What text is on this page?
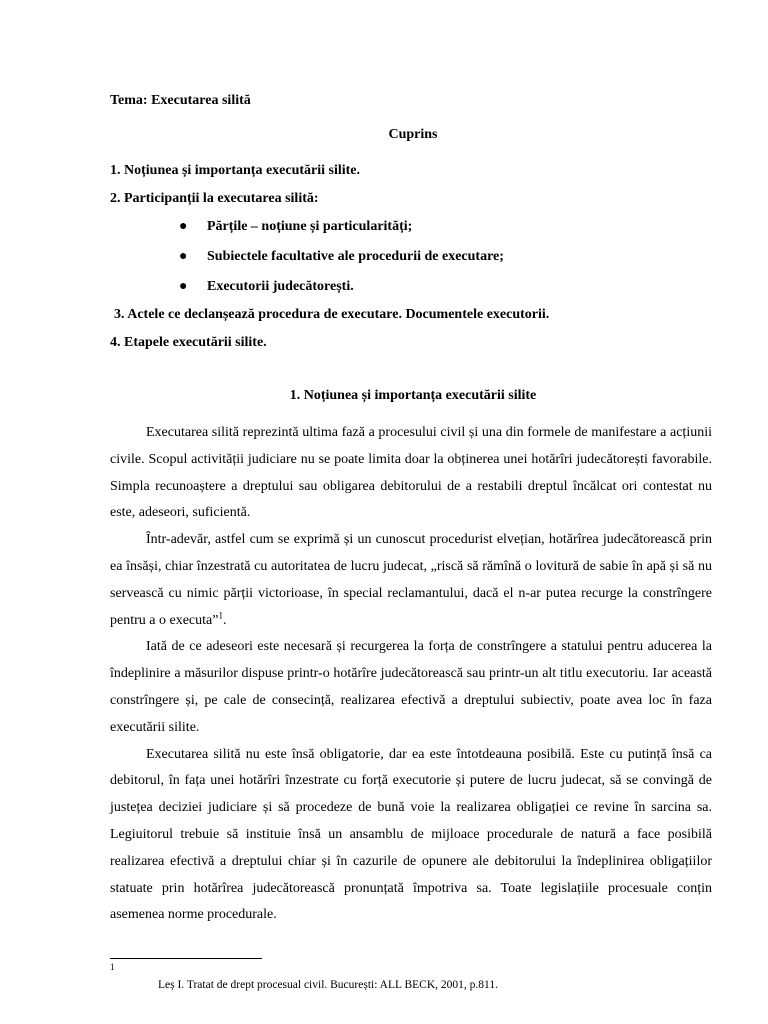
Tema: Executarea silită
Cuprins
1. Noțiunea și importanța executării silite.
2. Participanții la executarea silită:
● Părțile – noțiune și particularități;
● Subiectele facultative ale procedurii de executare;
● Executorii judecătorești.
3. Actele ce declanșează procedura de executare. Documentele executorii.
4. Etapele executării silite.
1. Noțiunea și importanța executării silite

Executarea silită reprezintă ultima fază a procesului civil și una din formele de manifestare a acțiunii civile. Scopul activității judiciare nu se poate limita doar la obținerea unei hotărîri judecătorești favorabile. Simpla recunoaștere a dreptului sau obligarea debitorului de a restabili dreptul încălcat ori contestat nu este, adeseori, suficientă.

Într-adevăr, astfel cum se exprimă și un cunoscut procedurist elvețian, hotărîrea judecătorească prin ea însăși, chiar înzestrată cu autoritatea de lucru judecat, „riscă să rămînă o lovitură de sabie în apă și să nu servească cu nimic părții victorioase, în special reclamantului, dacă el n-ar putea recurge la constrîngere pentru a o executa”$^1$.

Iată de ce adeseori este necesară și recurgerea la forța de constrîngere a statului pentru aducerea la îndeplinire a măsurilor dispuse printr-o hotărîre judecătorească sau printr-un alt titlu executoriu. Iar această constrîngere și, pe cale de consecință, realizarea efectivă a dreptului subiectiv, poate avea loc în faza executării silite.

Executarea silită nu este însă obligatorie, dar ea este întotdeauna posibilă. Este cu putință însă ca debitorul, în fața unei hotărîri înzestrate cu forță executorie și putere de lucru judecat, să se convingă de justețea deciziei judiciare și să procedeze de bună voie la realizarea obligației ce revine în sarcina sa. Legiuitorul trebuie să instituie însă un ansamblu de mijloace procedurale de natură a face posibilă realizarea efectivă a dreptului chiar și în cazurile de opunere ale debitorului la îndeplinirea obligațiilor statuate prin hotărîrea judecătorească pronunțată împotriva sa. Toate legislațiile procesuale conțin asemenea norme procedurale.

1
Leș I. Tratat de drept procesual civil. București: ALL BECK, 2001, p.811.
